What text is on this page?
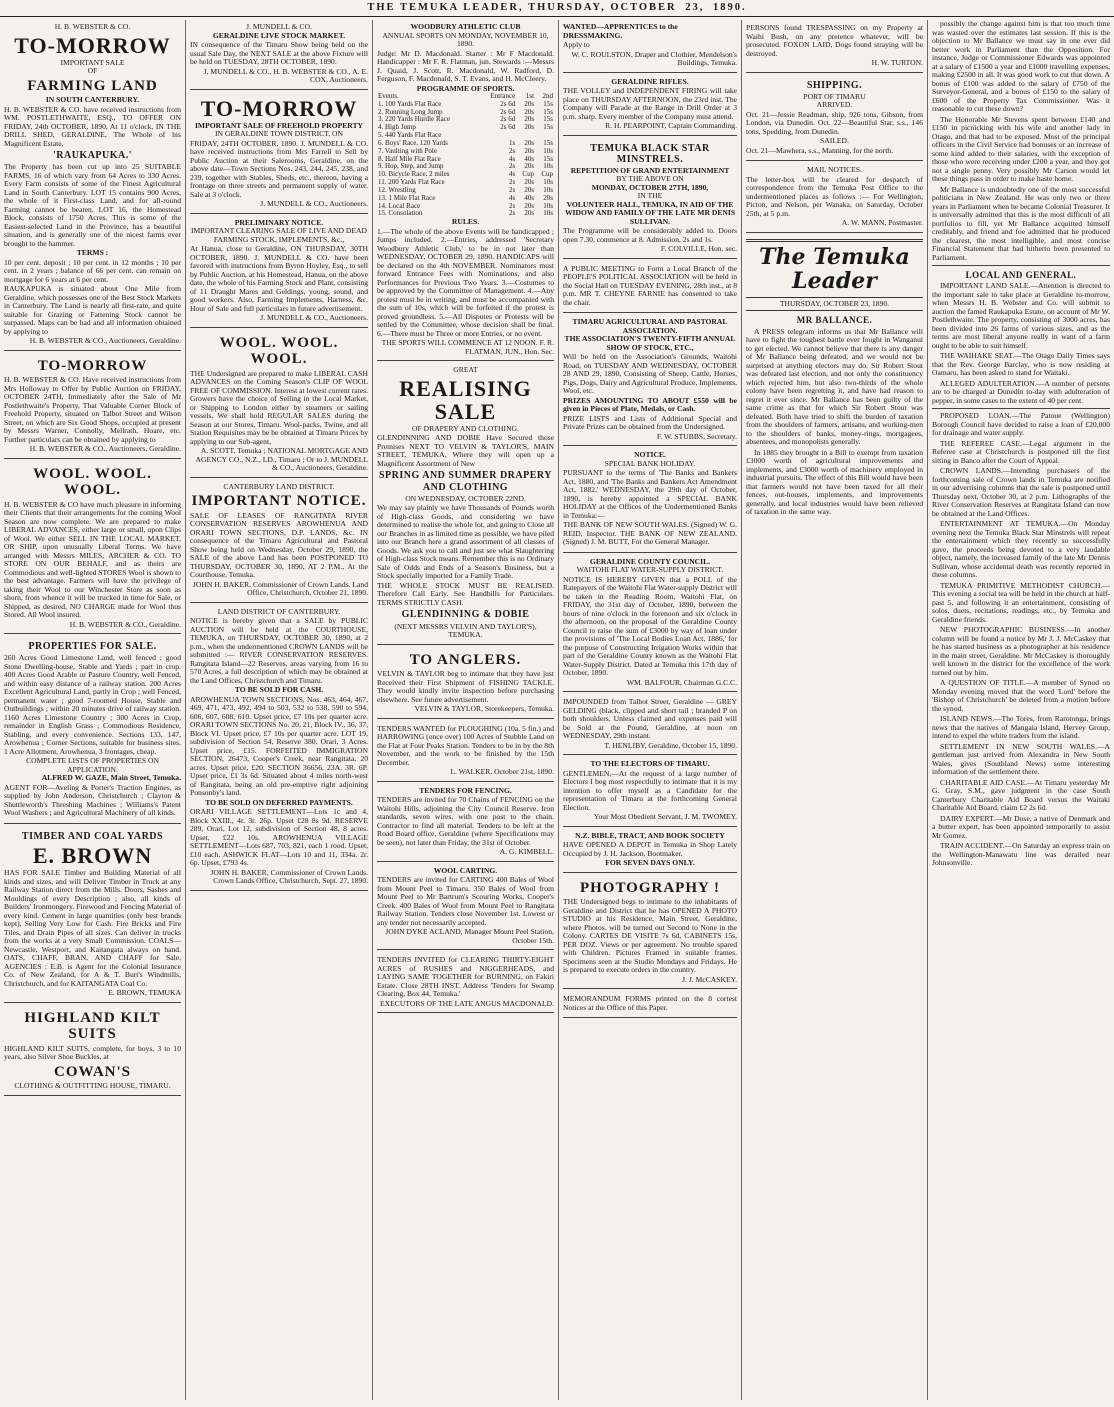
THE TEMUKA LEADER, THURSDAY, OCTOBER 23, 1890.
H. B. WEBSTER & CO.
TO-MORROW
IMPORTANT SALE
OF
FARMING LAND
IN SOUTH CANTERBURY.

H. B. WEBSTER & CO. have received instructions from WM. POSTLETHWAITE, ESQ., TO OFFER ON FRIDAY, 24th OCTOBER, 1890, At 11 o'clock, IN THE DRILL SHED, GERALDINE, The Whole of his Magnificent Estate,

'RAUKAPUKA.'

The Property has been cut up into 25 SUITABLE FARMS, 16 of which vary from 64 Acres to 330 Acres. Every Farm consists of some of the Finest Agricultural Land in South Canterbury. LOT 15 contains 900 Acres, the whole of it First-class Land, and for all-round Farming cannot be beaten. LOT 16, the Homestead Block, consists of 1750 Acres. This is some of the Easiest-selected Land in the Province, has a beautiful situation, and is generally one of the nicest farms ever brought to the hammer.

TERMS :

10 per cent. deposit ; 10 per cent. in 12 months ; 10 per cent. in 2 years ; balance of 66 per cent. can remain on mortgage for 6 years at 6 per cent.

RAUKAPUKA is situated about One Mile from Geraldine, which possesses one of the Best Stock Markets in Canterbury. The Land is nearly all first-rate, and quite suitable for Grazing or Fattening Stock cannot be surpassed. Maps can be had and all information obtained by applying to

H. B. WEBSTER & CO., Auctioneers, Geraldine.
TO-MORROW

H. B. WEBSTER & CO. Have received instructions from Mrs Holloway to Offer by Public Auction on FRIDAY, OCTOBER 24TH, Immediately after the Sale of Mr Postlethwaite's Property, That Valuable Corner Block of Freehold Property, situated on Talbot Street and Wilson Street, on which are Six Good Shops, occupied at present by Messrs Warner, Connolly, Mellrath, Hoare, etc. Further particulars can be obtained by applying to

H. B. WEBSTER & CO., Auctioneers, Geraldine.
WOOL. WOOL. WOOL.

H. B. WEBSTER & CO have much pleasure in informing their Clients that their arrangements for the coming Wool Season are now complete. We are prepared to make LIBERAL ADVANCES, either large or small, upon Clips of Wool. We either SELL IN THE LOCAL MARKET, OR SHIP, upon unusually Liberal Terms. We have arranged with Messrs MILES, ARCHER & CO. TO STORE ON OUR BEHALF, and as theirs are Commodious and well-lighted STORES Wool is shown to the best advantage. Farmers will have the privilege of taking their Wool to our Winchester Store as soon as shorn, from whence it will be trucked in time for Sale, or Shipped, as desired, NO CHARGE made for Wool thus Stored. All Wool insured.

H. B. WEBSTER & CO., Geraldine.
PROPERTIES FOR SALE.

260 Acres Good Limestone Land, well fenced ; good Stone Dwelling-house, Stable and Yards ; part in crop. 400 Acres Good Arable or Pasture Country, well Fenced, and within easy distance of a railway station. 200 Acres Excellent Agricultural Land, partly in Crop ; well Fenced, permanent water ; good 7-roomed House, Stable and Outbuildings ; within 20 minutes drive of railway station. 1160 Acres Limestone Country ; 300 Acres in Crop, remainder in English Grass ; Commodious Residence, Stabling, and every convenience. Sections 133, 147, Arowhenua ; Corner Sections, suitable for business sites. 1 Acre Allotment, Arowhenua, 3 frontages, cheap.

COMPLETE LISTS OF PROPERTIES ON APPLICATION.
ALFRED W. GAZE, Main Street, Temuka.

AGENT FOR—Aveling & Porter's Traction Engines, as supplied by John Anderson, Christchurch ; Clayton & Shuttleworth's Threshing Machines ; Williams's Patent Wool Washers ; and Agricultural Machinery of all kinds.

TIMBER AND COAL YARDS
E. BROWN

HAS FOR SALE Timber and Building Material of all kinds and sizes, and will Deliver Timber in Truck at any Railway Station direct from the Mills. Doors, Sashes and Mouldings of every Description ; also, all kinds of Builders' Ironmongery. Firewood and Fencing Material of every kind. Cement in large quantities (only best brands kept), Selling Very Low for Cash. Fire Bricks and Fire Tiles, and Drain Pipes of all sizes. Can deliver in trucks from the works at a very Small Commission. COALS—Newcastle, Westport, and Kaitangata always on hand. OATS, CHAFF, BRAN, AND CHAFF for Sale. AGENCIES : E.B. is Agent for the Colonial Insurance Co. of New Zealand, for A & T. Burt's Windmills, Christchurch, and for KAITANGATA Coal Co.

E. BROWN, TEMUKA
HIGHLAND KILT SUITS

HIGHLAND KILT SUITS, complete, for boys, 3 to 10 years, also Silver Shoe Buckles, at

COWAN'S
CLOTHING & OUTFITTING HOUSE, TIMARU.
J. MUNDELL & CO.
GERALDINE LIVE STOCK MARKET.

IN consequence of the Timaru Show being held on the usual Sale Day, the NEXT SALE at the above Fixture will be held on TUESDAY, 28TH OCTOBER, 1890.

J. MUNDELL & CO., H. B. WEBSTER & CO., A. E. COX, Auctioneers.
TO-MORROW
IMPORTANT SALE OF FREEHOLD PROPERTY
IN GERALDINE TOWN DISTRICT, ON

FRIDAY, 24TH OCTOBER, 1890. J. MUNDELL & CO. have received instructions from Mrs Farrell to Sell by Public Auction at their Salerooms, Geraldine, on the above date—Town Sections Nos. 243, 244, 245, 238, and 239, together with Stables, Sheds, etc., thereon, having a frontage on three streets and permanent supply of water. Sale at 3 o'clock.

J. MUNDELL & CO., Auctioneers.
PRELIMINARY NOTICE.
IMPORTANT CLEARING SALE OF LIVE AND DEAD FARMING STOCK, IMPLEMENTS, &c.,

At Hanua, close to Geraldine, ON THURSDAY, 30TH OCTOBER, 1890. J. MUNDELL & CO. have been favored with instructions from Byron Hoyley, Esq., to sell by Public Auction, at his Homestead, Hanua, on the above date, the whole of his Farming Stock and Plant, consisting of 11 Draught Mares and Geldings, young, sound, and good workers. Also, Farming Implements, Harness, &c. Hour of Sale and full particulars in future advertisement.

J. MUNDELL & CO., Auctioneers.
WOOL. WOOL. WOOL.

THE Undersigned are prepared to make LIBERAL CASH ADVANCES on the Coming Season's CLIP OF WOOL FREE OF COMMISSION. Interest at lowest current rates. Growers have the choice of Selling in the Local Market, or Shipping to London either by steamers or sailing vessels. We shall hold REGULAR SALES during the Season at our Stores, Timaru. Wool-packs, Twine, and all Station Requisites may be be obtained at Timaru Prices by applying to our Sub-agent,

A. SCOTT, Temuka ; NATIONAL MORTGAGE AND AGENCY CO., N.Z., LD., Timaru ; Or to J. MUNDELL & CO., Auctioneers, Geraldine.
CANTERBURY LAND DISTRICT.
IMPORTANT NOTICE.

SALE OF LEASES OF RANGITATA RIVER CONSERVATION RESERVES AROWHENUA AND ORARI TOWN SECTIONS, D.P. LANDS, &c. IN consequence of the Timaru Agricultural and Pastoral Show being held on Wednesday, October 29, 1890, the SALE of the above Land has been POSTPONED TO THURSDAY, OCTOBER 30, 1890, AT 2 P.M., At the Courthouse, Temuka.

JOHN H. BAKER, Commissioner of Crown Lands. Land Office, Christchurch, October 21, 1890.
LAND DISTRICT OF CANTERBURY.

NOTICE is hereby given that a SALE by PUBLIC AUCTION will be held at the COURTHOUSE, TEMUKA, on THURSDAY, OCTOBER 30, 1890, at 2 p.m., when the undermentioned CROWN LANDS will be submitted :— RIVER CONSERVATION RESERVES. Rangitata Island—22 Reserves, areas varying from 16 to 570 Acres, a full description of which may be obtained at the Land Offices, Christchurch and Timaru.

TO BE SOLD FOR CASH.

AROWHENUA TOWN SECTIONS, Nos. 463, 464, 467, 469, 471, 473, 492, 494 to 503, 532 to 538, 590 to 594, 606, 607, 608, 610. Upset price, £7 10s per quarter acre. ORARI TOWN SECTIONS No. 20, 21, Block IV., 36, 37, Block VI. Upset price, £7 10s per quarter acre. LOT 19, subdivision of Section 54, Reserve 380, Orari, 3 Acres. Upset price, £15. FORFEITED IMMIGRATION SECTION, 26473, Cooper's Creek, near Rangitata, 20 acres. Upset price, £20. SECTION 36656, 23A. 3R. 6P. Upset price, £1 3s 6d. Situated about 4 miles north-west of Rangitata, being an old pre-emptive right adjoining Ponsonby's land.

TO BE SOLD ON DEFERRED PAYMENTS.

ORARI VILLAGE SETTLEMENT—Lots 1c and 4, Block XXIII., 4r. 3r. 26p. Upset £28 8s 9d. RESERVE 289, Orari, Lot 12, subdivision of Section 48, 8 acres. Upset, £22 10s. AROWHENUA VILLAGE SETTLEMENT—Lots 687, 703, 821, each 1 rood. Upset, £10 each. ASHWICK FLAT—Lots 10 and 11, 334a. 2r. 6p. Upset, £793 4s.

JOHN H. BAKER, Commissioner of Crown Lands. Crown Lands Office, Christchurch, Sept. 27, 1890.
WOODBURY ATHLETIC CLUB
ANNUAL SPORTS ON MONDAY, NOVEMBER 10, 1890.

Judge: Mr D. Macdonald. Starter : Mr F Macdonald. Handicapper : Mr F. R. Flatman, jun. Stewards :—Messrs J. Quaid, J. Scott, R. Macdonald, W. Radford, D. Ferguson, F. Macdonald, S. T. Evans, and H. McCleery.

PROGRAMME OF SPORTS.
Events.	Entrance	1st	2nd
1. 100 Yards Flat Race	2s 6d	20s	15s
2. Running Long Jump	2s 6d	20s	15s
3. 220 Yards Hurdle Race	2s 6d	20s	15s
4. High Jump	2s 6d	20s	15s
5. 440 Yards Flat Race			
6. Boys' Race, 120 Yards	1s	20s	15s
7. Vaulting with Pole	2s	20s	10s
8. Half Mile Flat Race	4s	40s	15s
9. Hop, Step, and Jump	2s	20s	10s
10. Bicycle Race, 2 miles	4s	Cup	Cup
11. 200 Yards Flat Race	2s	20s	10s
12. Wrestling	2s	20s	10s
13. 1 Mile Flat Race	4s	40s	20s
14. Local Race	2s	20s	10s
15. Consolation	2s	20s	10s
RULES.

1.—The whole of the above Events will be handicapped ; Jumps included. 2.—Entries, addressed 'Secretary Woodbury Athletic Club,' to be in not later than WEDNESDAY, OCTOBER 29, 1890. HANDICAPS will be declared on the 4th NOVEMBER. Nominators must forward Entrance Fees with Nominations, and also Performances for Previous Two Years. 3.—Costumes to be approved by the Committee of Management. 4.—Any protest must be in writing, and must be accompanied with the sum of 10s, which will be forfeited if the protest is proved groundless. 5.—All Disputes or Protests will be settled by the Committee, whose decision shall be final. 6.—There must be Three or more Entries, or no event.

THE SPORTS WILL COMMENCE AT 12 NOON. F. R. FLATMAN, JUN., Hon. Sec.
GREAT
REALISING SALE
OF DRAPERY AND CLOTHING.

GLENDINNING AND DOBIE Have Secured those Premises NEXT TO VELVIN & TAYLOR'S, MAIN STREET, TEMUKA, Where they will open up a Magnificent Assortment of New

SPRING AND SUMMER DRAPERY AND CLOTHING
ON WEDNESDAY, OCTOBER 22ND.

We may say plainly we have Thousands of Pounds worth of High-class Goods, and considering we have determined to realise the whole lot, and going to Close all our Branches in as limited time as possible, we have piled into our Branch here a grand assortment of all classes of Goods. We ask you to call and just see what Slaughtering of High-class Stock means. Remember this is no Ordinary Sale of Odds and Ends of a Season's Business, but a Stock specially imported for a Family Trade.

THE WHOLE STOCK MUST BE REALISED. Therefore Call Early. See Handbills for Particulars. TERMS STRICTLY CASH.

GLENDINNING & DOBIE
(NEXT MESSRS VELVIN AND TAYLOR'S), TEMUKA.
TO ANGLERS.

VELVIN & TAYLOR beg to intimate that they have just Received their First Shipment of FISHING TACKLE. They would kindly invite inspection before purchasing elsewhere. See future advertisement.

VELVIN & TAYLOR, Storekeepers, Temuka.

TENDERS WANTED for PLOUGHING (10a. 5 fin.) and HARROWING (once over) 100 Acres of Stubble Land on the Flat at Four Peaks Station. Tenders to be in by the 8th November, and the work to be finished by the 15th December.

L. WALKER. October 21st, 1890.
TENDERS FOR FENCING.

TENDERS are invited for 70 Chains of FENCING on the Waitohi Hills, adjoining the City Council Reserve. Iron standards, seven wires, with one post to the chain. Contractor to find all material. Tenders to be left at the Road Board office, Geraldine (where Specifications may be seen), not later than Friday, the 31st of October.

A. G. KIMBELL.
WOOL CARTING.

TENDERS are invited for CARTING 400 Bales of Wool from Mount Peel to Timaru. 350 Bales of Wool from Mount Peel to Mr Bartrum's Scouring Works, Cooper's Creek. 400 Bales of Wool from Mount Peel to Rangitata Railway Station. Tenders close November 1st. Lowest or any tender not necessarily accepted.

JOHN DYKE ACLAND, Manager Mount Peel Station, October 15th.

TENDERS INVITED for CLEARING THIRTY-EIGHT ACRES of RUSHES and NIGGERHEADS, and LAYING SAME TOGETHER for BURNING, on Fakiri Estate. Close 28TH INST. Address 'Tenders for Swamp Clearing, Box 44, Temuka.'

EXECUTORS OF THE LATE ANGUS MACDONALD.
WANTED—APPRENTICES to the DRESSMAKING.

Apply to

W. C. ROULSTON, Draper and Clothier, Mendelson's Buildings, Temuka.
GERALDINE RIFLES.

THE VOLLEY and INDEPENDENT FIRING will take place on THURSDAY AFTERNOON, the 23rd inst. The Company will Parade at the Range in Drill Order at 3 p.m. sharp. Every member of the Company must attend.

R. H. PEARPOINT, Captain Commanding.
TEMUKA BLACK STAR MINSTRELS.
REPETITION OF GRAND ENTERTAINMENT
BY THE ABOVE ON
MONDAY, OCTOBER 27TH, 1890,
IN THE
VOLUNTEER HALL, TEMUKA, IN AID OF THE WIDOW AND FAMILY OF THE LATE MR DENIS SULLIVAN.

The Programme will be considerably added to. Doors open 7.30, commence at 8. Admission, 2s and 1s.

F. COLVILLE, Hon. sec.

A PUBLIC MEETING to Form a Local Branch of the PEOPLE'S POLITICAL ASSOCIATION will be held in the Social Hall on TUESDAY EVENING, 28th inst., at 8 p.m. MR T. CHEYNE FARNIE has consented to take the chair.

TIMARU AGRICULTURAL AND PASTORAL ASSOCIATION.
THE ASSOCIATION'S TWENTY-FIFTH ANNUAL SHOW OF STOCK, ETC.,

Will be held on the Association's Grounds, Waitohi Road, on TUESDAY AND WEDNESDAY, OCTOBER 28 AND 29, 1890, Consisting of Sheep, Cattle, Horses, Pigs, Dogs, Dairy and Agricultural Produce, Implements, Wool, etc.

PRIZES AMOUNTING TO ABOUT £550 will be given in Pieces of Plate, Medals, or Cash.

PRIZE LISTS and Lists of Additional Special and Private Prizes can be obtained from the Undersigned.

F. W. STUBBS, Secretary.
NOTICE.
SPECIAL BANK HOLIDAY.

PURSUANT to the terms of 'The Banks and Bankers Act, 1880, and 'The Banks and Bankers Act Amendment Act, 1882,' WEDNESDAY, the 29th day of October, 1890, is hereby appointed a SPECIAL BANK HOLIDAY at the Offices of the Undermentioned Banks in Temuka:—

THE BANK OF NEW SOUTH WALES. (Signed) W. G. REID, Inspector. THE BANK OF NEW ZEALAND. (Signed) J. M. BUTT, For the General Manager.

GERALDINE COUNTY COUNCIL.
WAITOHI FLAT WATER-SUPPLY DISTRICT.

NOTICE IS HEREBY GIVEN that a POLL of the Ratepayers of the Waitohi Flat Water-supply District will be taken in the Reading Room, Waitohi Flat, on FRIDAY, the 31st day of October, 1890, between the hours of nine o'clock in the forenoon and six o'clock in the afternoon, on the proposal of the Geraldine County Council to raise the sum of £3000 by way of loan under the provisions of 'The Local Bodies Loan Act, 1886,' for the purpose of Constructing Irrigation Works within that part of the Geraldine County known as the Waitohi Flat Water-Supply District. Dated at Temuka this 17th day of October, 1890.

WM. BALFOUR, Chairman G.C.C.

IMPOUNDED from Talbot Street, Geraldine — GREY GELDING (black, clipped and short tail ; branded P on both shoulders. Unless claimed and expenses paid will be Sold at the Pound, Geraldine, at noon on WEDNESDAY, 29th instant.

T. HENLIBY, Geraldine, October 15, 1890.
TO THE ELECTORS OF TIMARU.

GENTLEMEN,—At the request of a large number of Electors I beg most respectfully to intimate that it is my intention to offer myself as a Candidate for the representation of Timaru at the forthcoming General Election.

Your Most Obedient Servant, J. M. TWOMEY.
N.Z. BIBLE, TRACT, AND BOOK SOCIETY

HAVE OPENED A DEPOT in Temuka in Shop Lately Occupied by J. H. Jackson, Bootmaker.

FOR SEVEN DAYS ONLY.
PHOTOGRAPHY !

THE Undersigned begs to intimate to the inhabitants of Geraldine and District that he has OPENED A PHOTO STUDIO at his Residence, Main Street, Geraldine, where Photos. will be turned out Second to None in the Colony. CARTES DE VISITE 7s 6d, CABINETS 15s, PER DOZ. Views or per agreement. No trouble spared with Children. Pictures Framed in suitable frames. Specimens seen at the Studio Mondays and Fridays. He is prepared to execute orders in the country.

J. J. McCASKEY.

MEMORANDUM FORMS printed on the 8 cortest Notices at the Office of this Paper.

PERSONS found TRESPASSING on my Property at Waihi Bush, on any pretence whatever, will be prosecuted. FOXON LAID, Dogs found straying will be destroyed.

H. W. TURTON.
SHIPPING.
PORT OF TIMARU
ARRIVED.

Oct. 21—Jessie Readman, ship, 926 tons, Gibson, from London, via Dunedin. Oct. 22—Beautiful Star, s.s., 146 tons, Spedding, from Dunedin.

SAILED.

Oct. 21—Mawhera, s.s., Manning, for the north.

MAIL NOTICES.

The letter-box will be cleared for despatch of correspondence from the Temuka Post Office to the undermentioned places as follows :— For Wellington, Picton, and Nelson, per Wanaka, on Saturday, October 25th, at 5 p.m.

A. W. MANN, Postmaster.
The Temuka Leader
THURSDAY, OCTOBER 23, 1890.
MR BALLANCE.

A PRESS telegram informs us that Mr Ballance will have to fight the toughest battle ever fought in Wanganui to get elected. We cannot believe that there is any danger of Mr Ballance being defeated, and we would not be surprised at anything electors may do. Sir Robert Stout was defeated last election, and not only the constituency which rejected him, but also two-thirds of the whole colony have been regretting it, and have had reason to regret it ever since. Mr Ballance has been guilty of the same crime as that for which Sir Robert Stout was defeated. Both have tried to shift the burden of taxation from the shoulders of farmers, artisans, and working-men to the shoulders of banks, money-rings, mortgagees, absentees, and monopolists generally.

In 1885 they brought in a Bill to exempt from taxation £3000 worth of agricultural improvements and implements, and £3000 worth of machinery employed in industrial pursuits. The effect of this Bill would have been that farmers would not have been taxed for all their fences, out-houses, implements, and improvements generally, and local industries would have been relieved of taxation in the same way.

possibly the change against him is that too much time was wasted over the estimates last session. If this is the objection to Mr Ballance we must say in one ever did better work in Parliament than the Opposition. For instance, Judge or Commissioner Edwards was appointed at a salary of £1500 a year and £1000 travelling expenses, making £2500 in all. It was good work to cut that down. A bonus of £100 was added to the salary of £750 of the Surveyor-General, and a bonus of £150 to the salary of £600 of the Property Tax Commissioner. Was it reasonable to cut these down?

The Honorable Mr Stevens spent between £140 and £150 in picnicking with his wife and another lady in Otago, and that had to be exposed. Most of the principal officers in the Civil Service had bonuses or an increase of some kind added to their salaries, with the exception of those who were receiving under £200 a year, and they got not a single penny. Very possibly Mr Carson would let these things pass in order to make haste home.

Mr Ballance is undoubtedly one of the most successful politicians in New Zealand. He was only two or three years in Parliament when he became Colonial Treasurer. It is universally admitted that this is the most difficult of all portfolios to fill, yet Mr Ballance acquitted himself creditably, and friend and foe admitted that he produced the clearest, the most intelligible, and most concise Financial Statement that had hitherto been presented to Parliament.

LOCAL AND GENERAL.

IMPORTANT LAND SALE.—Attention is directed to the important sale to take place at Geraldine to-morrow, when Messrs H. B. Webster and Co. will submit to auction the famed Raukapuka Estate, on account of Mr W. Postlethwaite. The property, consisting of 3000 acres, has been divided into 26 farms of various sizes, and as the terms are most liberal anyone really in want of a farm ought to be able to suit himself.

THE WAIHAKE SEAT.—The Otago Daily Times says that the Rev. George Barclay, who is now residing at Oamaru, has been asked to stand for Waitaki.

ALLEGED ADULTERATION.—A number of persons are to be charged at Dunedin to-day with adulteration of pepper, in some cases to the extent of 40 per cent.

PROPOSED LOAN.—The Patoue (Wellington) Borough Council have decided to raise a loan of £20,000 for drainage and water supply.

THE REFEREE CASE.—Legal argument in the Referee case at Christchurch is postponed till the first sitting in Banco after the Court of Appeal.

CROWN LANDS.—Intending purchasers of the forthcoming sale of Crown lands in Temuka are notified in our advertising columns that the sale is postponed until Thursday next, October 30, at 2 p.m. Lithographs of the River Conservation Reserves at Rangitata Island can now be obtained at the Land Offices.

ENTERTAINMENT AT TEMUKA.—On Monday evening next the Temuka Black Star Minstrels will repeat the entertainment which they recently so successfully gave, the proceeds being devoted to a very laudable object, namely, the increased family of the late Mr Dennis Sullivan, whose accidental death was recently reported in these columns.

TEMUKA PRIMITIVE METHODIST CHURCH.—This evening a social tea will be held in the church at half-past 5, and following it an entertainment, consisting of solos, duets, recitations, readings, etc., by Temuka and Geraldine friends.

NEW PHOTOGRAPHIC BUSINESS.—In another column will be found a notice by Mr J. J. McCaskey that he has started business as a photographer at his residence in the main street, Geraldine. Mr McCaskey is thoroughly well known in the district for the excellence of the work turned out by him.

A QUESTION OF TITLE.—A member of Synod on Monday evening moved that the word 'Lord' before the 'Bishop of Christchurch' be deleted from a motion before the synod.

ISLAND NEWS.—The Tores, from Rarotonga, brings news that the natives of Mangaia Island, Hervey Group, intend to expel the white traders from the island.

SETTLEMENT IN NEW SOUTH WALES.—A gentleman just arrived from Alexandra in New South Wales, gives (Southland News) some interesting information of the settlement there.

CHARITABLE AID CASE.—At Timaru yesterday Mr G. Gray, S.M., gave judgment in the case South Canterbury Charitable Aid Board versus the Waitaki Charitable Aid Board, claim £2 2s 6d.

DAIRY EXPERT.—Mr Dose, a native of Denmark and a butter expert, has been appointed temporarily to assist Mr Gomez.

TRAIN ACCIDENT.—On Saturday an express train on the Wellington-Manawatu line was derailed near Johnsonville.
